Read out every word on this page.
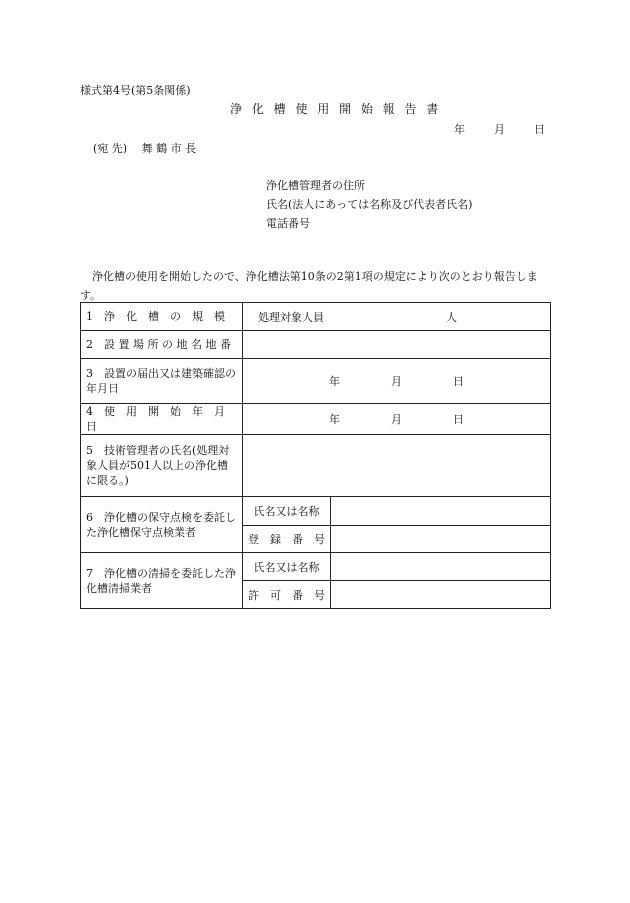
様式第4号(第5条関係)
浄 化 槽 使 用 開 始 報 告 書
年	月	日
(宛 先)　 舞 鶴 市 長
浄化槽管理者の住所
氏名(法人にあっては名称及び代表者氏名)
電話番号
浄化槽の使用を開始したので、浄化槽法第10条の2第1項の規定により次のとおり報告します。
1　浄　化　槽　の　規　模	処理対象人員 人	

2　設 置 場 所 の 地 名 地 番		
3　設置の届出又は建築確認の年月日	年 月 日	

4　使　用　開　始　年　月　日	年 月 日	

5　技術管理者の氏名(処理対象人員が501人以上の浄化槽に限る。)		
6　浄化槽の保守点検を委託した浄化槽保守点検業者	氏名又は名称	
	登　録　番　号	
7　浄化槽の清掃を委託した浄化槽清掃業者	氏名又は名称	
	許　可　番　号	
